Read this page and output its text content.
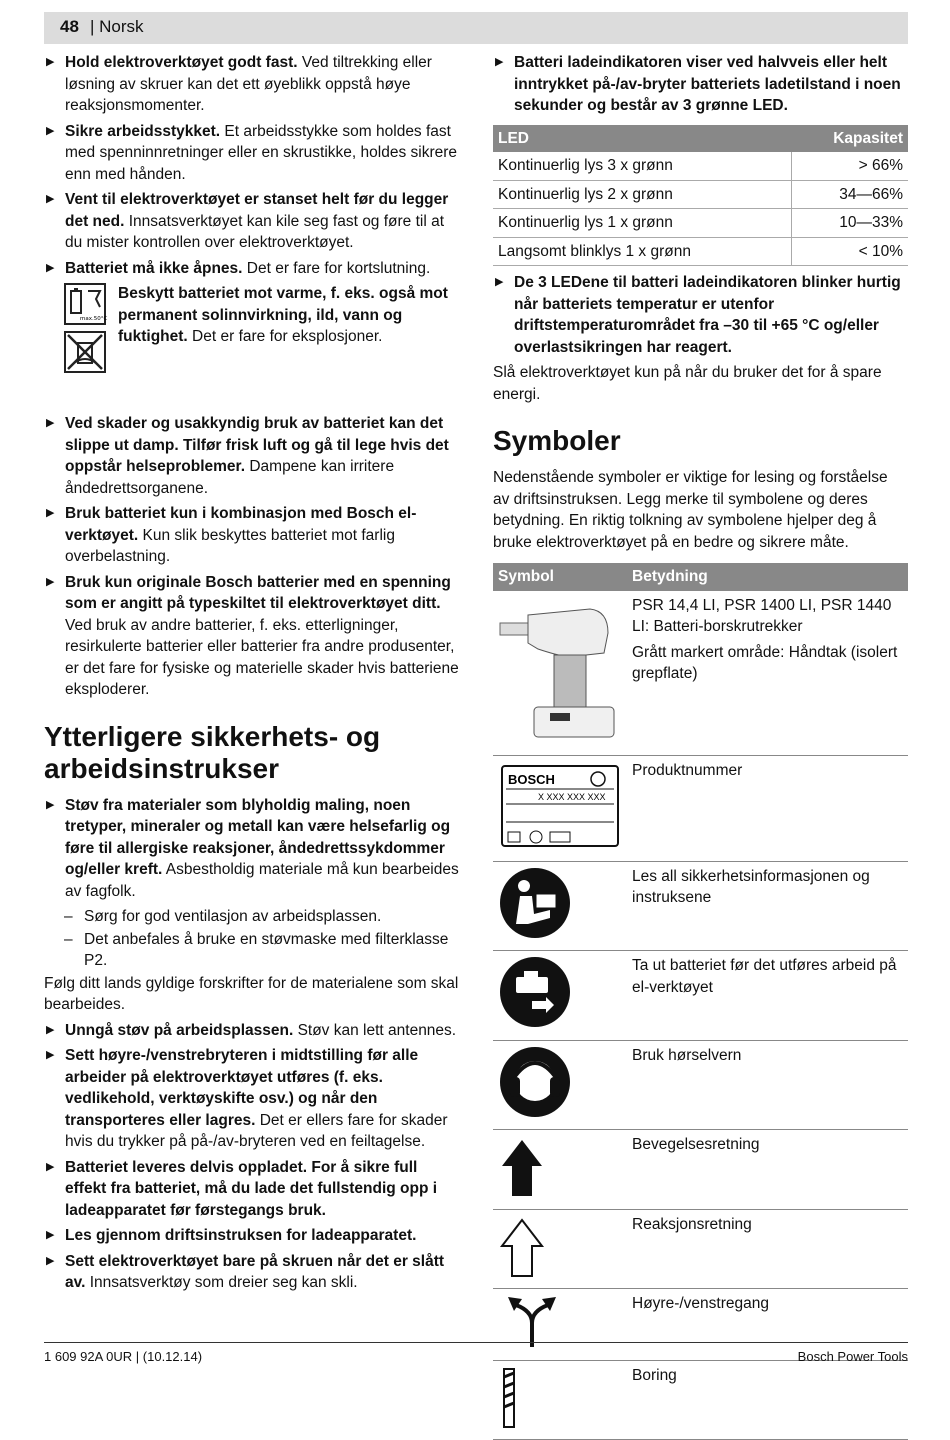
48 | Norsk
▶ Hold elektroverktøyet godt fast. Ved tiltrekking eller løsning av skruer kan det ett øyeblikk oppstå høye reaksjonsmomenter.
▶ Sikre arbeidsstykket. Et arbeidsstykke som holdes fast med spenninnretninger eller en skrustikke, holdes sikrere enn med hånden.
▶ Vent til elektroverktøyet er stanset helt før du legger det ned. Innsatsverktøyet kan kile seg fast og føre til at du mister kontrollen over elektroverktøyet.
▶ Batteriet må ikke åpnes. Det er fare for kortslutning.
max.50°C
Beskytt batteriet mot varme, f. eks. også mot permanent solinnvirkning, ild, vann og fuktighet. Det er fare for eksplosjoner.
▶ Ved skader og usakkyndig bruk av batteriet kan det slippe ut damp. Tilfør frisk luft og gå til lege hvis det oppstår helseproblemer. Dampene kan irritere åndedrettsorganene.
▶ Bruk batteriet kun i kombinasjon med Bosch el-verktøyet. Kun slik beskyttes batteriet mot farlig overbelastning.
▶ Bruk kun originale Bosch batterier med en spenning som er angitt på typeskiltet til elektroverktøyet ditt. Ved bruk av andre batterier, f. eks. etterligninger, resirkulerte batterier eller batterier fra andre produsenter, er det fare for fysiske og materielle skader hvis batteriene eksploderer.
Ytterligere sikkerhets- og arbeidsinstrukser
▶ Støv fra materialer som blyholdig maling, noen tretyper, mineraler og metall kan være helsefarlig og føre til allergiske reaksjoner, åndedrettssykdommer og/eller kreft. Asbestholdig materiale må kun bearbeides av fagfolk.
– Sørg for god ventilasjon av arbeidsplassen.
– Det anbefales å bruke en støvmaske med filterklasse P2.
Følg ditt lands gyldige forskrifter for de materialene som skal bearbeides.
▶ Unngå støv på arbeidsplassen. Støv kan lett antennes.
▶ Sett høyre-/venstrebryteren i midtstilling før alle arbeider på elektroverktøyet utføres (f. eks. vedlikehold, verktøyskifte osv.) og når den transporteres eller lagres. Det er ellers fare for skader hvis du trykker på på-/av-bryteren ved en feiltagelse.
▶ Batteriet leveres delvis oppladet. For å sikre full effekt fra batteriet, må du lade det fullstendig opp i ladeapparatet før førstegangs bruk.
▶ Les gjennom driftsinstruksen for ladeapparatet.
▶ Sett elektroverktøyet bare på skruen når det er slått av. Innsatsverktøy som dreier seg kan skli.
▶ Batteri ladeindikatoren viser ved halvveis eller helt inntrykket på-/av-bryter batteriets ladetilstand i noen sekunder og består av 3 grønne LED.
LED	Kapasitet
Kontinuerlig lys 3 x grønn	> 66%
Kontinuerlig lys 2 x grønn	34—66%
Kontinuerlig lys 1 x grønn	10—33%
Langsomt blinklys 1 x grønn	< 10%
▶ De 3 LEDene til batteri ladeindikatoren blinker hurtig når batteriets temperatur er utenfor driftstemperaturområdet fra –30 til +65 °C og/eller overlastsikringen har reagert.
Slå elektroverktøyet kun på når du bruker det for å spare energi.
Symboler
Nedenstående symboler er viktige for lesing og forståelse av driftsinstruksen. Legg merke til symbolene og deres betydning. En riktig tolkning av symbolene hjelper deg å bruke elektroverktøyet på en bedre og sikrere måte.
Symbol	Betydning

PSR 14,4 LI, PSR 1400 LI, PSR 1440 LI: Batteri-borskrutrekker
Grått markert område: Håndtak (isolert grepflate)

BOSCH
X XXX XXX XXX	Produktnummer

Les all sikkerhetsinformasjonen og instruksene

Ta ut batteriet før det utføres arbeid på el-verktøyet

Bruk hørselvern

Bevegelsesretning

Reaksjonsretning

Høyre-/venstregang

Boring
1 609 92A 0UR | (10.12.14)	Bosch Power Tools
